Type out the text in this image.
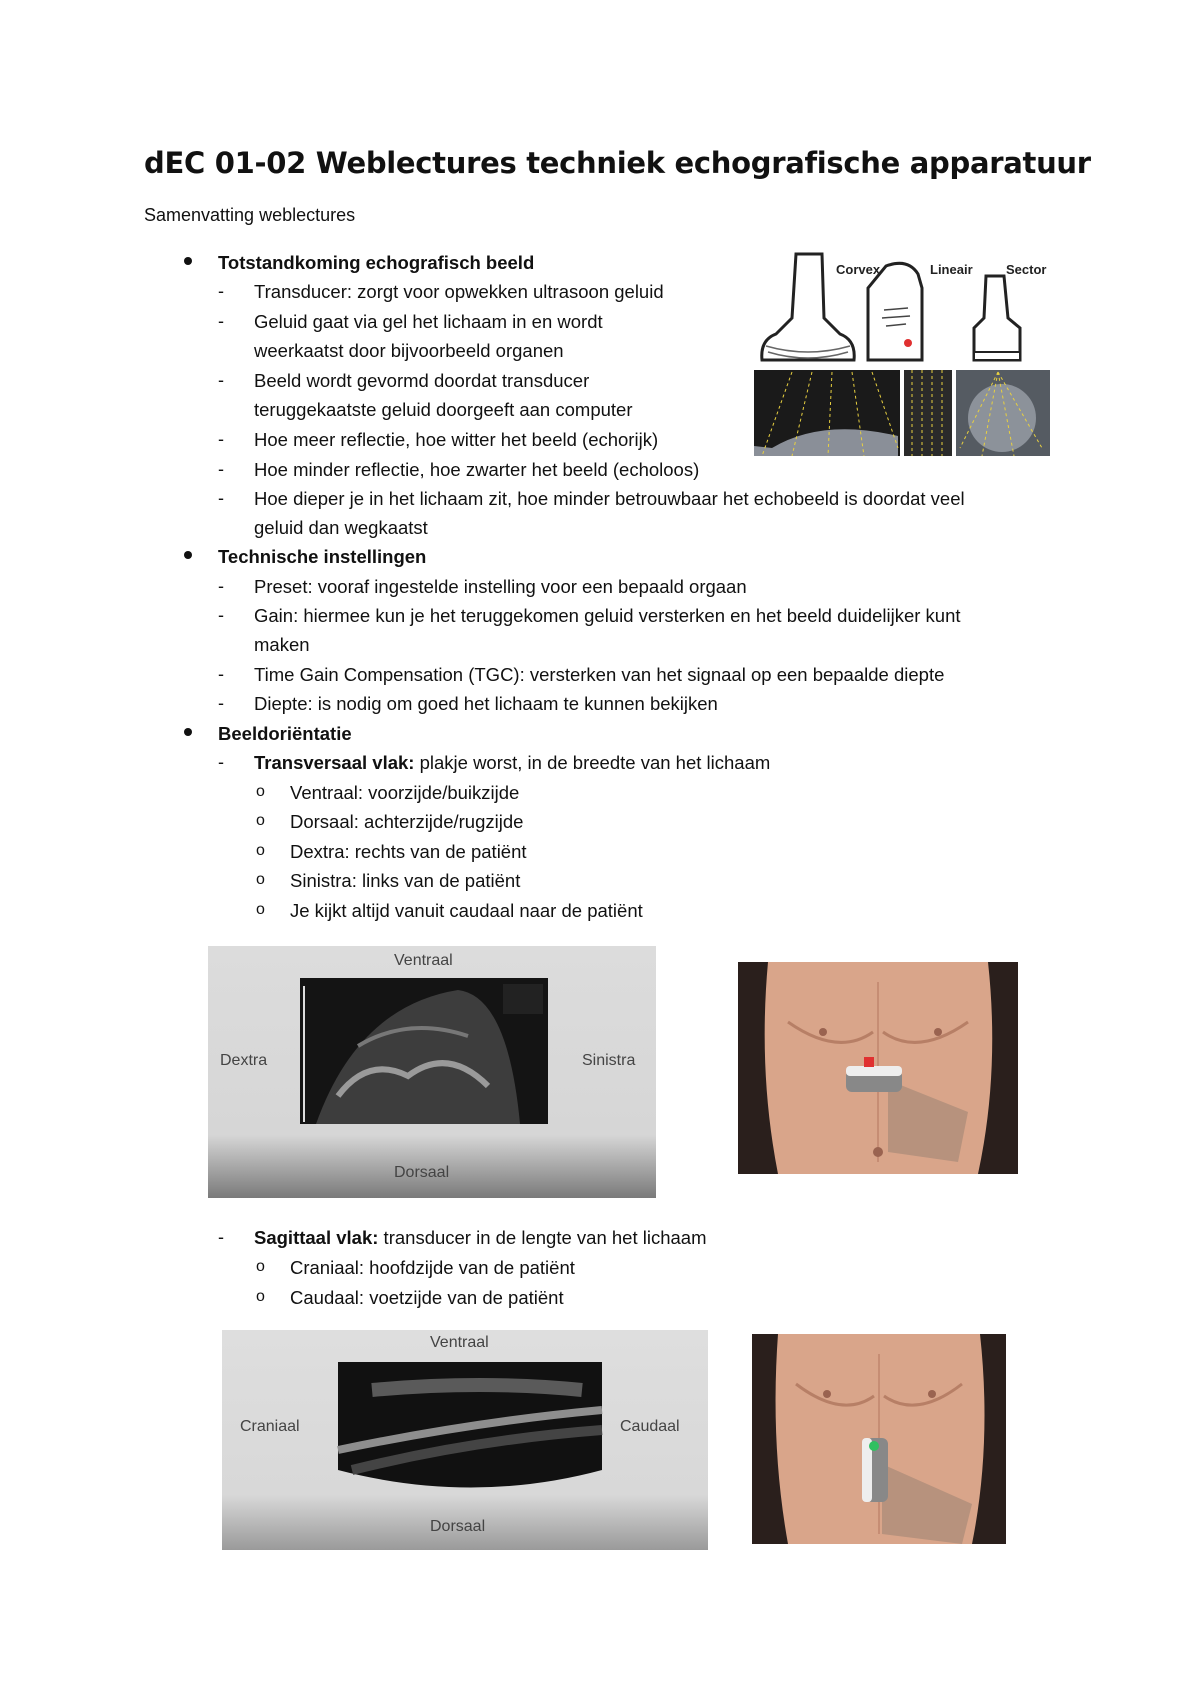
dEC 01-02 Weblectures techniek echografische apparatuur
Samenvatting weblectures
Totstandkoming echografisch beeld
- Transducer: zorgt voor opwekken ultrasoon geluid
- Geluid gaat via gel het lichaam in en wordt
weerkaatst door bijvoorbeeld organen
- Beeld wordt gevormd doordat transducer
teruggekaatste geluid doorgeeft aan computer
- Hoe meer reflectie, hoe witter het beeld (echorijk)
- Hoe minder reflectie, hoe zwarter het beeld (echoloos)
- Hoe dieper je in het lichaam zit, hoe minder betrouwbaar het echobeeld is doordat veel
geluid dan wegkaatst
Corvex	Lineair	Sector
Technische instellingen
- Preset: vooraf ingestelde instelling voor een bepaald orgaan
- Gain: hiermee kun je het teruggekomen geluid versterken en het beeld duidelijker kunt
maken
- Time Gain Compensation (TGC): versterken van het signaal op een bepaalde diepte
- Diepte: is nodig om goed het lichaam te kunnen bekijken
Beeldoriëntatie
- Transversaal vlak: plakje worst, in de breedte van het lichaam
o Ventraal: voorzijde/buikzijde
o Dorsaal: achterzijde/rugzijde
o Dextra: rechts van de patiënt
o Sinistra: links van de patiënt
o Je kijkt altijd vanuit caudaal naar de patiënt
Ventraal
Dextra	Sinistra
Dorsaal
- Sagittaal vlak: transducer in de lengte van het lichaam
o Craniaal: hoofdzijde van de patiënt
o Caudaal: voetzijde van de patiënt
Ventraal
Craniaal	Caudaal
Dorsaal
